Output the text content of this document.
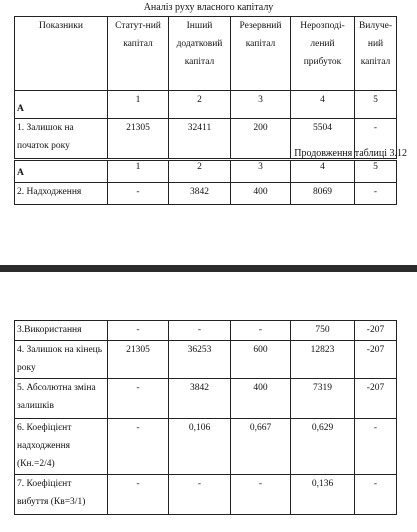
Аналіз руху власного капіталу
Показники	Статут-ний капітал	Інший додатковий капітал	Резервний капітал	Нерозподі-лений прибуток	Вилуче-ний капітал
А	1	2	3	4	5
1. Залишок на початок року	21305	32411	200	5504	-
Продовження таблиці 3.12
А	1	2	3	4	5
2. Надходження	-	3842	400	8069	-
3.Використання	-	-	-	750	-207
4. Залишок на кінець року	21305	36253	600	12823	-207
5. Абсолютна зміна залишків	-	3842	400	7319	-207
6. Коефіцієнт надходження (Кн.=2/4)	-	0,106	0,667	0,629	-
7. Коефіцієнт вибуття (Кв=3/1)	-	-	-	0,136	-
